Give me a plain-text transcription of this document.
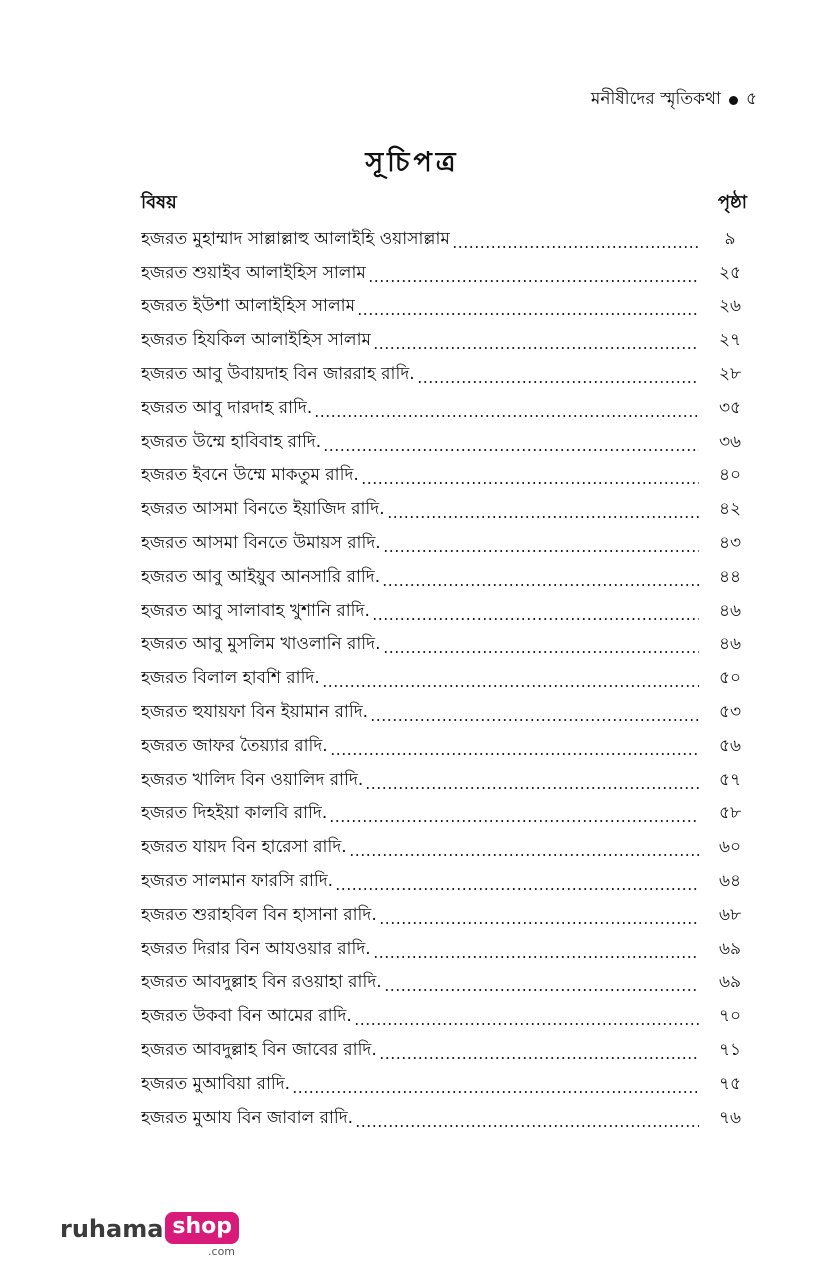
মনীষীদের স্মৃতিকথা ৫
সূচিপত্র
বিষয়	পৃষ্ঠা
হজরত মুহাম্মাদ সাল্লাল্লাহু আলাইহি ওয়াসাল্লাম	৯
হজরত শুয়াইব আলাইহিস সালাম	২৫
হজরত ইউশা আলাইহিস সালাম	২৬
হজরত হিযকিল আলাইহিস সালাম	২৭
হজরত আবু উবায়দাহ বিন জাররাহ রাদি.	২৮
হজরত আবু দারদাহ রাদি.	৩৫
হজরত উম্মে হাবিবাহ রাদি.	৩৬
হজরত ইবনে উম্মে মাকতুম রাদি.	৪০
হজরত আসমা বিনতে ইয়াজিদ রাদি.	৪২
হজরত আসমা বিনতে উমায়স রাদি.	৪৩
হজরত আবু আইয়ুব আনসারি রাদি.	৪৪
হজরত আবু সালাবাহ খুশানি রাদি.	৪৬
হজরত আবু মুসলিম খাওলানি রাদি.	৪৬
হজরত বিলাল হাবশি রাদি.	৫০
হজরত হুযায়ফা বিন ইয়ামান রাদি.	৫৩
হজরত জাফর তৈয়্যার রাদি.	৫৬
হজরত খালিদ বিন ওয়ালিদ রাদি.	৫৭
হজরত দিহইয়া কালবি রাদি.	৫৮
হজরত যায়দ বিন হারেসা রাদি.	৬০
হজরত সালমান ফারসি রাদি.	৬৪
হজরত শুরাহবিল বিন হাসানা রাদি.	৬৮
হজরত দিরার বিন আযওয়ার রাদি.	৬৯
হজরত আবদুল্লাহ বিন রওয়াহা রাদি.	৬৯
হজরত উকবা বিন আমের রাদি.	৭০
হজরত আবদুল্লাহ বিন জাবের রাদি.	৭১
হজরত মুআবিয়া রাদি.	৭৫
হজরত মুআয বিন জাবাল রাদি.	৭৬
ruhama shop
.com
